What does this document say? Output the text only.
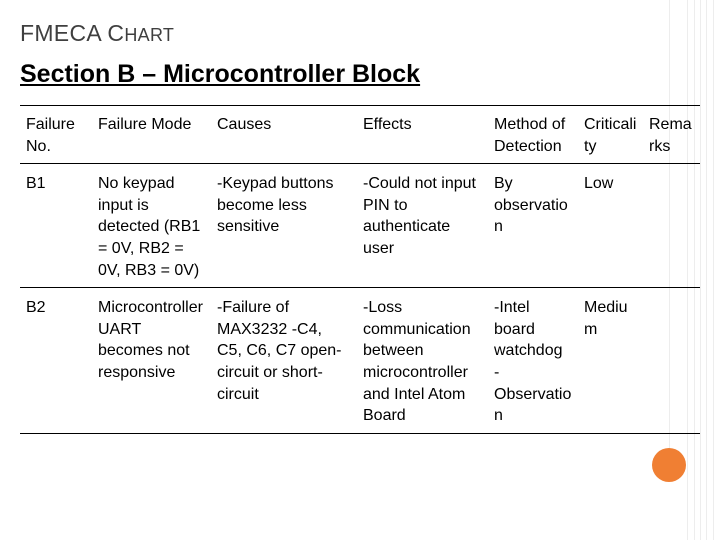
FMECA CHART
Section B – Microcontroller Block
Failure No.	Failure Mode	Causes	Effects	Method of Detection	Criticality	Remarks
B1	No keypad input is detected (RB1 = 0V, RB2 = 0V, RB3 = 0V)	-Keypad buttons become less sensitive	-Could not input PIN to authenticate user	By observation	Low	
B2	Microcontroller UART becomes not responsive	-Failure of MAX3232 -C4, C5, C6, C7 open-circuit or short-circuit	-Loss communication between microcontroller and Intel Atom Board	-Intel board watchdog -Observation	Medium	
